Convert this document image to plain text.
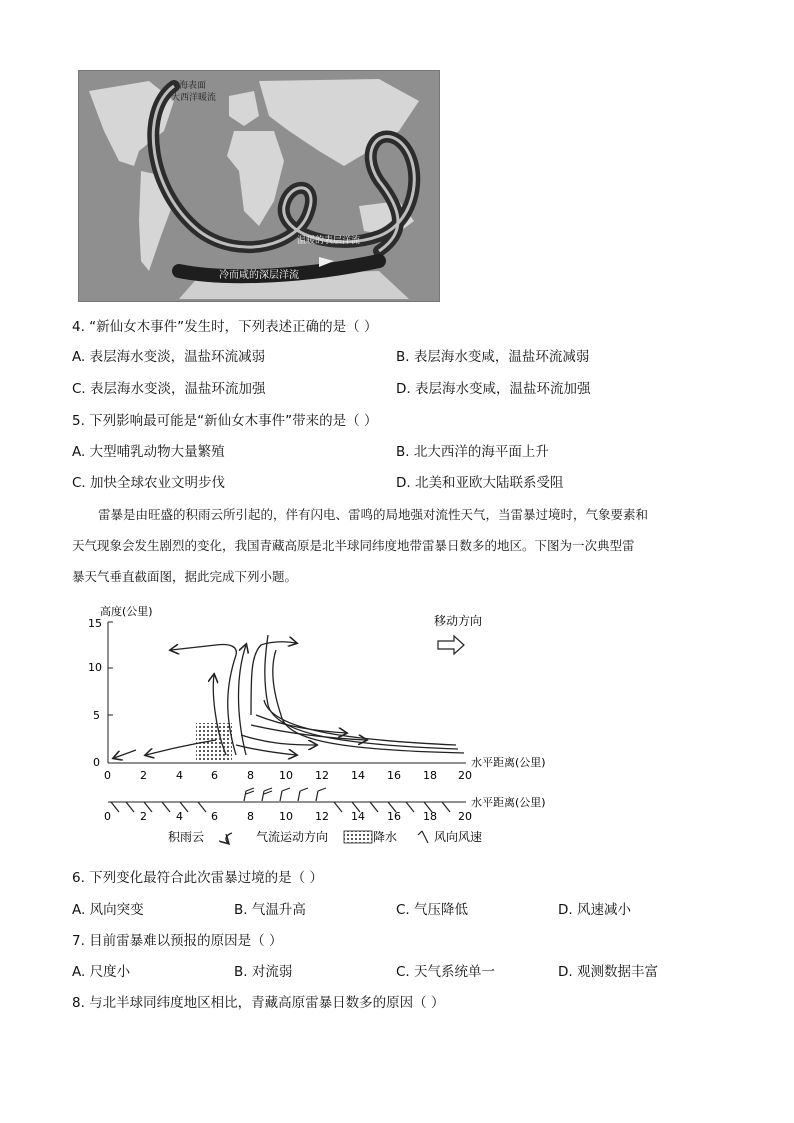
海表面
大西洋暖流
温暖的表层洋流
冷而咸的深层洋流
4. “新仙女木事件”发生时，下列表述正确的是（ ）
A. 表层海水变淡，温盐环流减弱	B. 表层海水变咸，温盐环流减弱
C. 表层海水变淡，温盐环流加强	D. 表层海水变咸，温盐环流加强
5. 下列影响最可能是“新仙女木事件”带来的是（ ）
A. 大型哺乳动物大量繁殖	B. 北大西洋的海平面上升
C. 加快全球农业文明步伐	D. 北美和亚欧大陆联系受阻
雷暴是由旺盛的积雨云所引起的，伴有闪电、雷鸣的局地强对流性天气，当雷暴过境时，气象要素和
天气现象会发生剧烈的变化，我国青藏高原是北半球同纬度地带雷暴日数多的地区。下图为一次典型雷
暴天气垂直截面图，据此完成下列小题。
高度(公里)
15
10
5
0
0	2	4	6	8 10 12 14 16 18 20
水平距离(公里)
移动方向
0	2	4	6	8 10 12 14 16 18 20
水平距离(公里)
积雨云	气流运动方向	降水	风向风速
6. 下列变化最符合此次雷暴过境的是（ ）
A. 风向突变	B. 气温升高	C. 气压降低	D. 风速减小
7. 目前雷暴难以预报的原因是（ ）
A. 尺度小	B. 对流弱	C. 天气系统单一	D. 观测数据丰富
8. 与北半球同纬度地区相比，青藏高原雷暴日数多的原因（ ）
